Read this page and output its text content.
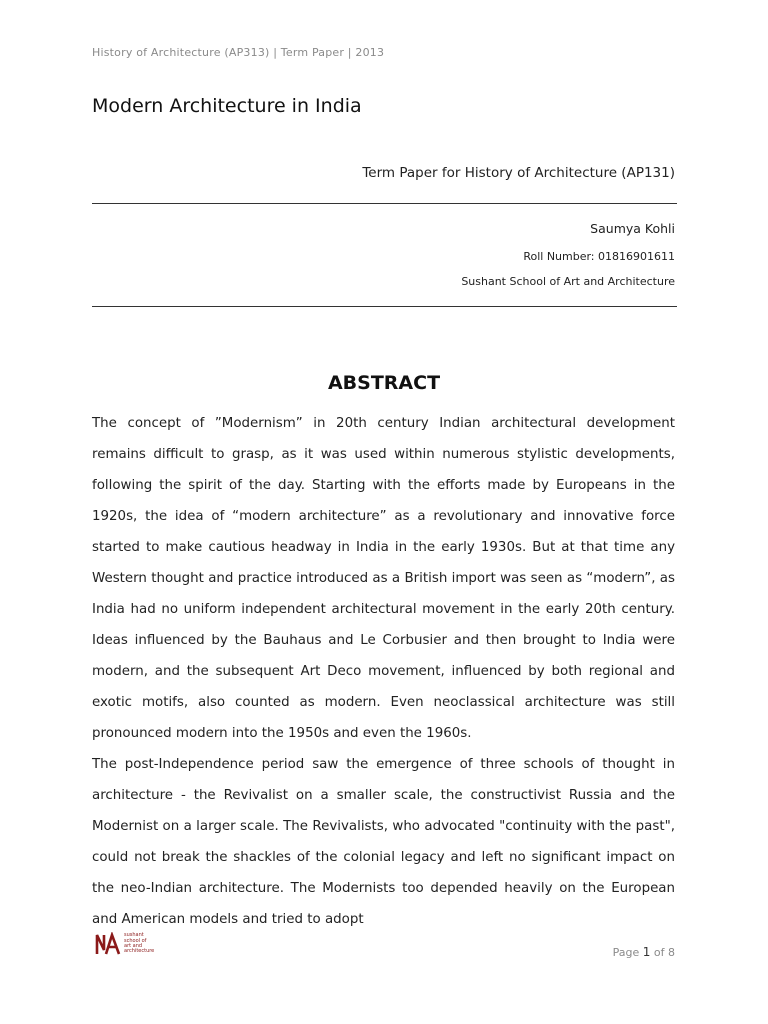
History of Architecture (AP313) | Term Paper | 2013
Modern Architecture in India
Term Paper for History of Architecture (AP131)
Saumya Kohli
Roll Number: 01816901611
Sushant School of Art and Architecture
ABSTRACT

The concept of ”Modernism” in 20th century Indian architectural development remains difficult to grasp, as it was used within numerous stylistic developments, following the spirit of the day. Starting with the efforts made by Europeans in the 1920s, the idea of “modern architecture” as a revolutionary and innovative force started to make cautious headway in India in the early 1930s. But at that time any Western thought and practice introduced as a British import was seen as “modern”, as India had no uniform independent architectural movement in the early 20th century. Ideas influenced by the Bauhaus and Le Corbusier and then brought to India were modern, and the subsequent Art Deco movement, influenced by both regional and exotic motifs, also counted as modern. Even neoclassical architecture was still pronounced modern into the 1950s and even the 1960s.

The post-Independence period saw the emergence of three schools of thought in architecture - the Revivalist on a smaller scale, the constructivist Russia and the Modernist on a larger scale. The Revivalists, who advocated "continuity with the past", could not break the shackles of the colonial legacy and left no significant impact on the neo-Indian architecture. The Modernists too depended heavily on the European and American models and tried to adopt

sushant
school of
art and
architecture	Page 1 of 8
